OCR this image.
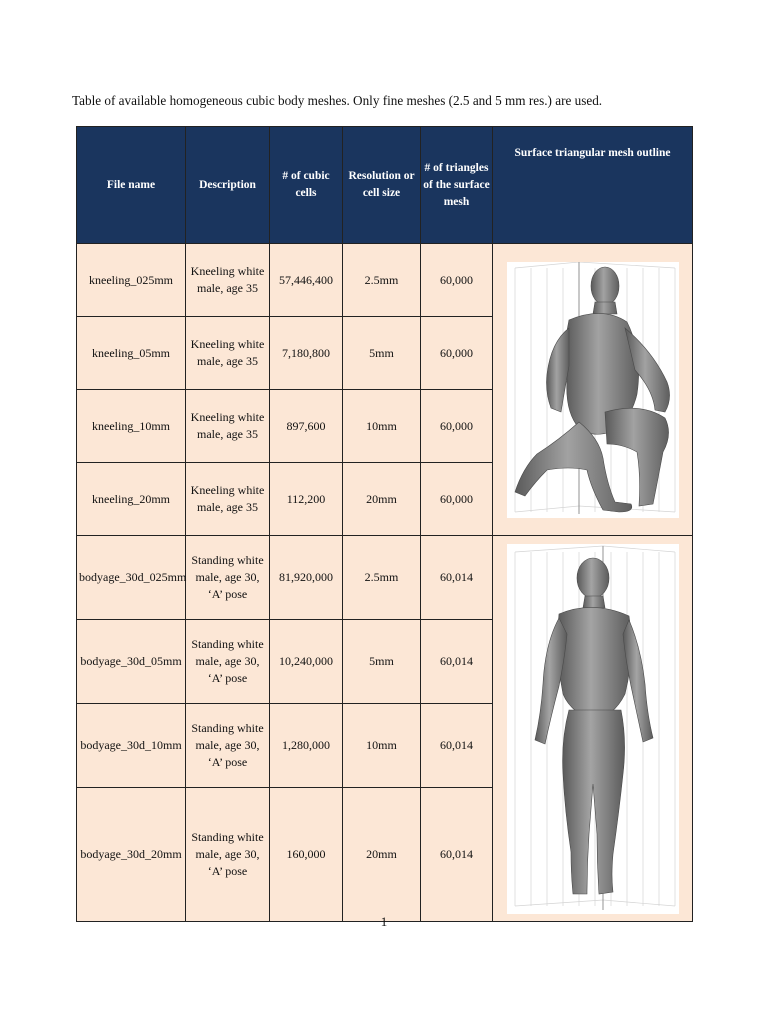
Table of available homogeneous cubic body meshes. Only fine meshes (2.5 and 5 mm res.) are used.
File name	Description	# of cubic cells	Resolution or cell size	# of triangles of the surface mesh	Surface triangular mesh outline
kneeling_025mm	Kneeling white male, age 35	57,446,400	2.5mm	60,000	

kneeling_05mm	Kneeling white male, age 35	7,180,800	5mm	60,000	
kneeling_10mm	Kneeling white male, age 35	897,600	10mm	60,000	
kneeling_20mm	Kneeling white male, age 35	112,200	20mm	60,000	
bodyage_30d_025mm	Standing white male, age 30, ‘A’ pose	81,920,000	2.5mm	60,014	

bodyage_30d_05mm	Standing white male, age 30, ‘A’ pose	10,240,000	5mm	60,014	
bodyage_30d_10mm	Standing white male, age 30, ‘A’ pose	1,280,000	10mm	60,014	
bodyage_30d_20mm	Standing white male, age 30, ‘A’ pose	160,000	20mm	60,014	
1
